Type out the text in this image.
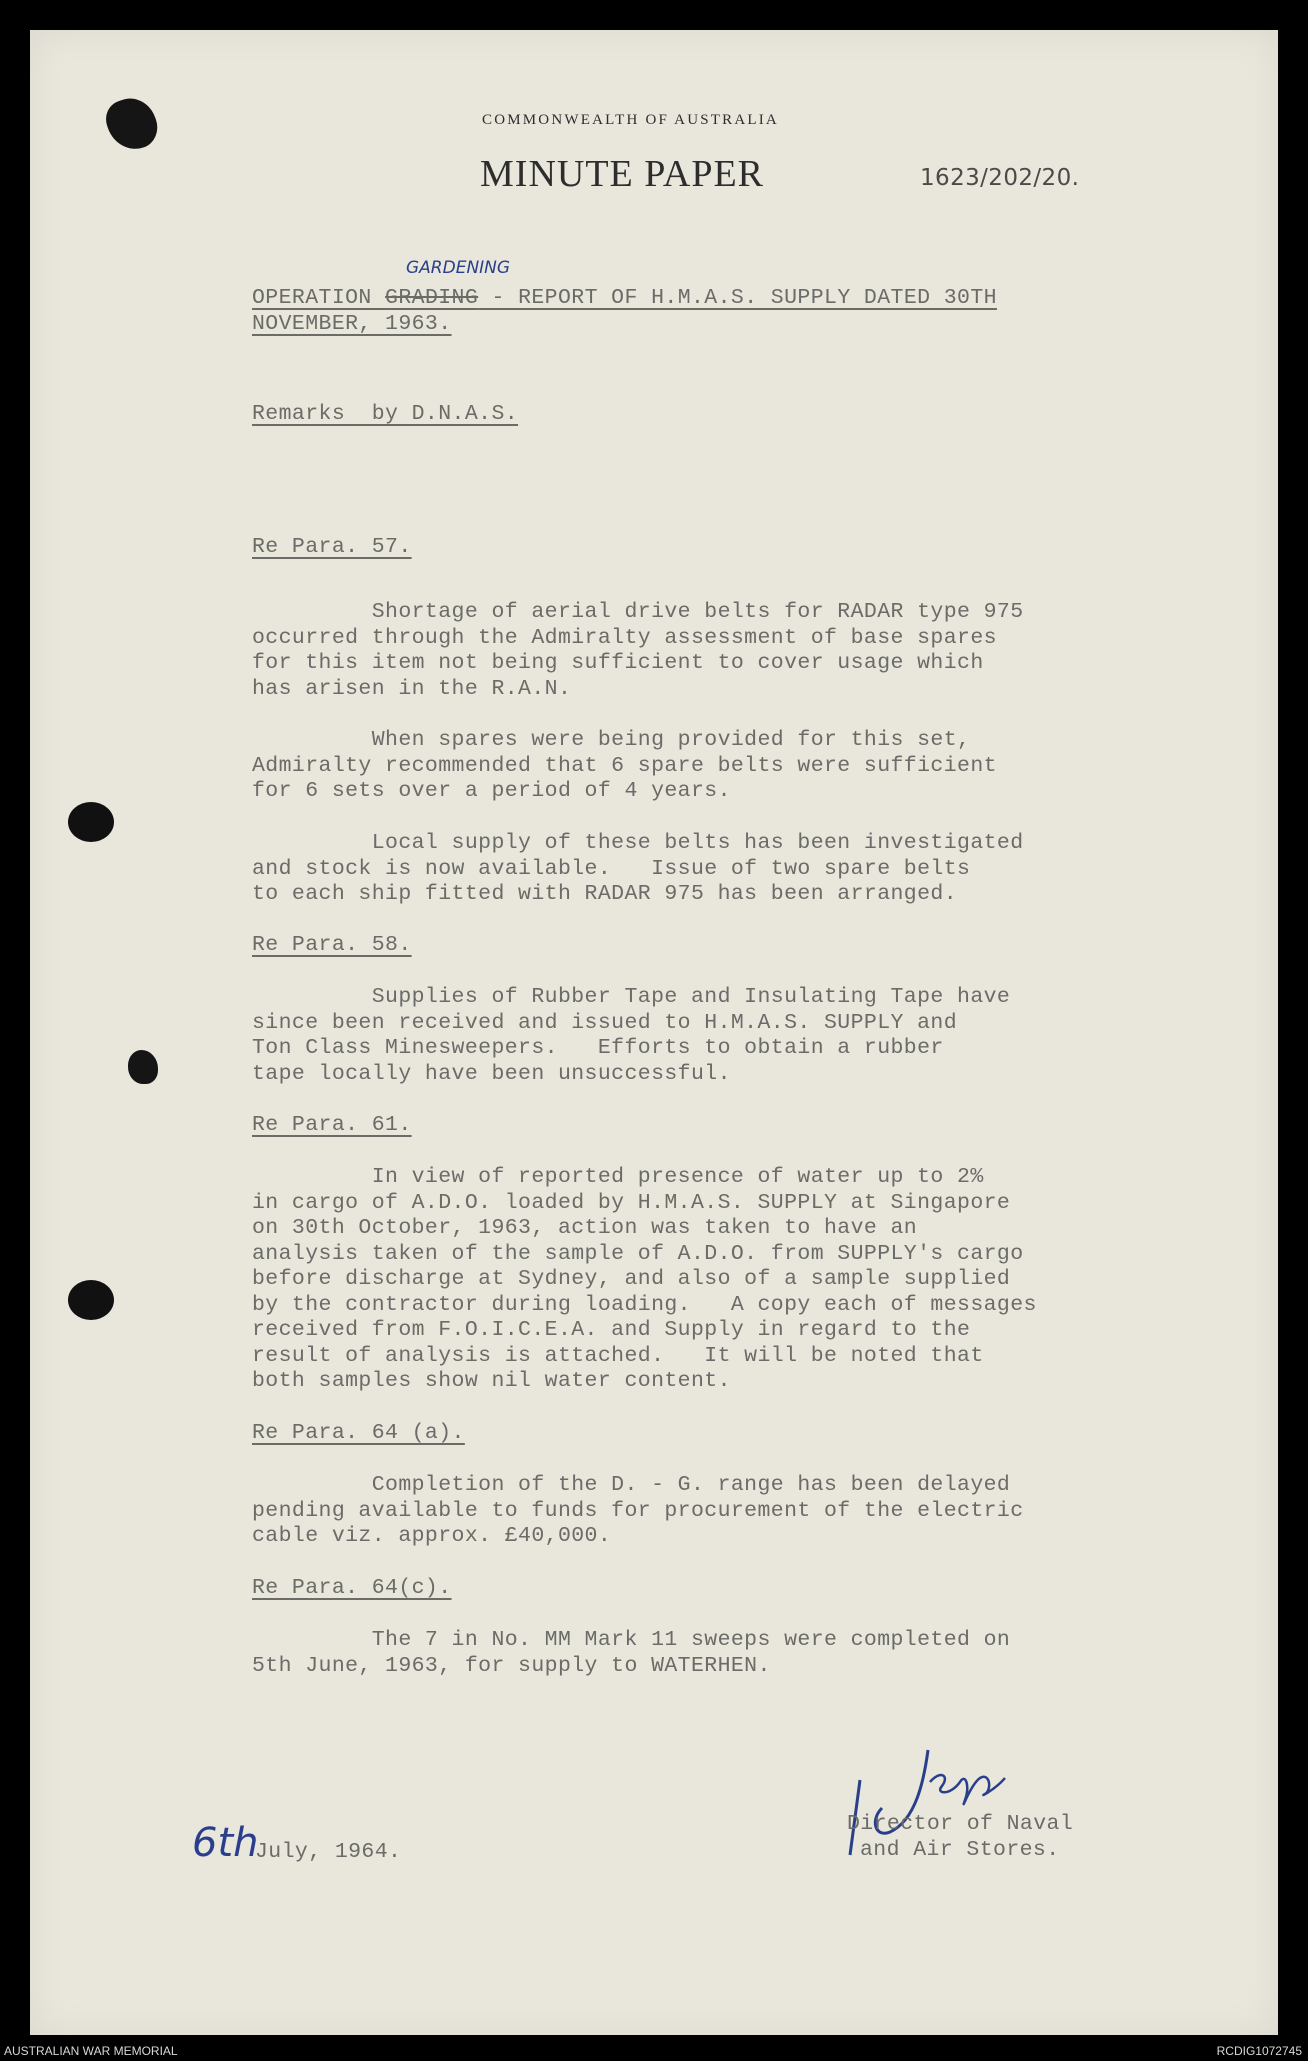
COMMONWEALTH OF AUSTRALIA
MINUTE PAPER	1623/202/20.
GARDENING
OPERATION GRADING - REPORT OF H.M.A.S. SUPPLY DATED 30TH
NOVEMBER, 1963.
Remarks  by D.N.A.S.
Re Para. 57.
Shortage of aerial drive belts for RADAR type 975
occurred through the Admiralty assessment of base spares
for this item not being sufficient to cover usage which
has arisen in the R.A.N.
When spares were being provided for this set,
Admiralty recommended that 6 spare belts were sufficient
for 6 sets over a period of 4 years.
Local supply of these belts has been investigated
and stock is now available.   Issue of two spare belts
to each ship fitted with RADAR 975 has been arranged.
Re Para. 58.
Supplies of Rubber Tape and Insulating Tape have
since been received and issued to H.M.A.S. SUPPLY and
Ton Class Minesweepers.   Efforts to obtain a rubber
tape locally have been unsuccessful.
Re Para. 61.
In view of reported presence of water up to 2%
in cargo of A.D.O. loaded by H.M.A.S. SUPPLY at Singapore
on 30th October, 1963, action was taken to have an
analysis taken of the sample of A.D.O. from SUPPLY's cargo
before discharge at Sydney, and also of a sample supplied
by the contractor during loading.   A copy each of messages
received from F.O.I.C.E.A. and Supply in regard to the
result of analysis is attached.   It will be noted that
both samples show nil water content.
Re Para. 64 (a).
Completion of the D. - G. range has been delayed
pending available to funds for procurement of the electric
cable viz. approx. £40,000.
Re Para. 64(c).
The 7 in No. MM Mark 11 sweeps were completed on
5th June, 1963, for supply to WATERHEN.
6th
July, 1964.
Director of Naval
and Air Stores.
AUSTRALIAN WAR MEMORIAL	RCDIG1072745
